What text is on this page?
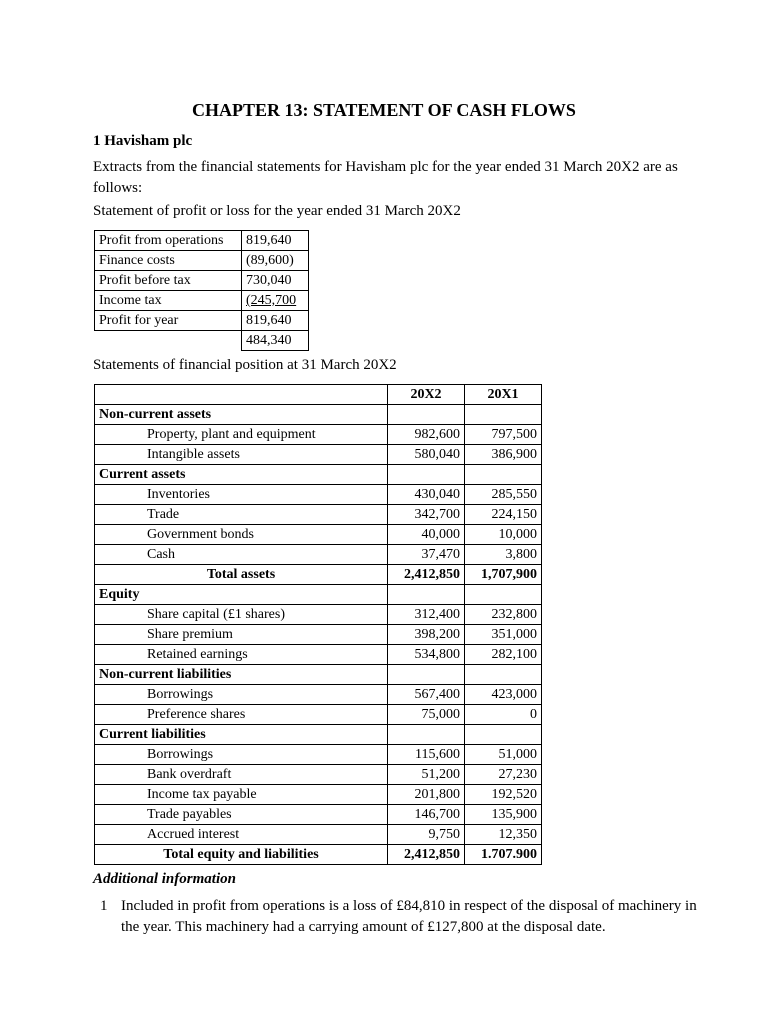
CHAPTER 13: STATEMENT OF CASH FLOWS
1 Havisham plc
Extracts from the financial statements for Havisham plc for the year ended 31 March 20X2 are as follows:
Statement of profit or loss for the year ended 31 March 20X2
Profit from operations	819,640
Finance costs	(89,600)
Profit before tax	730,040
Income tax	(245,700
Profit for year	819,640
	484,340
Statements of financial position at 31 March 20X2
	20X2	20X1
Non-current assets		
Property, plant and equipment	982,600	797,500
Intangible assets	580,040	386,900
Current assets		
Inventories	430,040	285,550
Trade	342,700	224,150
Government bonds	40,000	10,000
Cash	37,470	3,800
Total assets	2,412,850	1,707,900
Equity		
Share capital (£1 shares)	312,400	232,800
Share premium	398,200	351,000
Retained earnings	534,800	282,100
Non-current liabilities		
Borrowings	567,400	423,000
Preference shares	75,000	0
Current liabilities		
Borrowings	115,600	51,000
Bank overdraft	51,200	27,230
Income tax payable	201,800	192,520
Trade payables	146,700	135,900
Accrued interest	9,750	12,350
Total equity and liabilities	2,412,850	1.707.900
Additional information
1 Included in profit from operations is a loss of £84,810 in respect of the disposal of machinery in the year. This machinery had a carrying amount of £127,800 at the disposal date.
